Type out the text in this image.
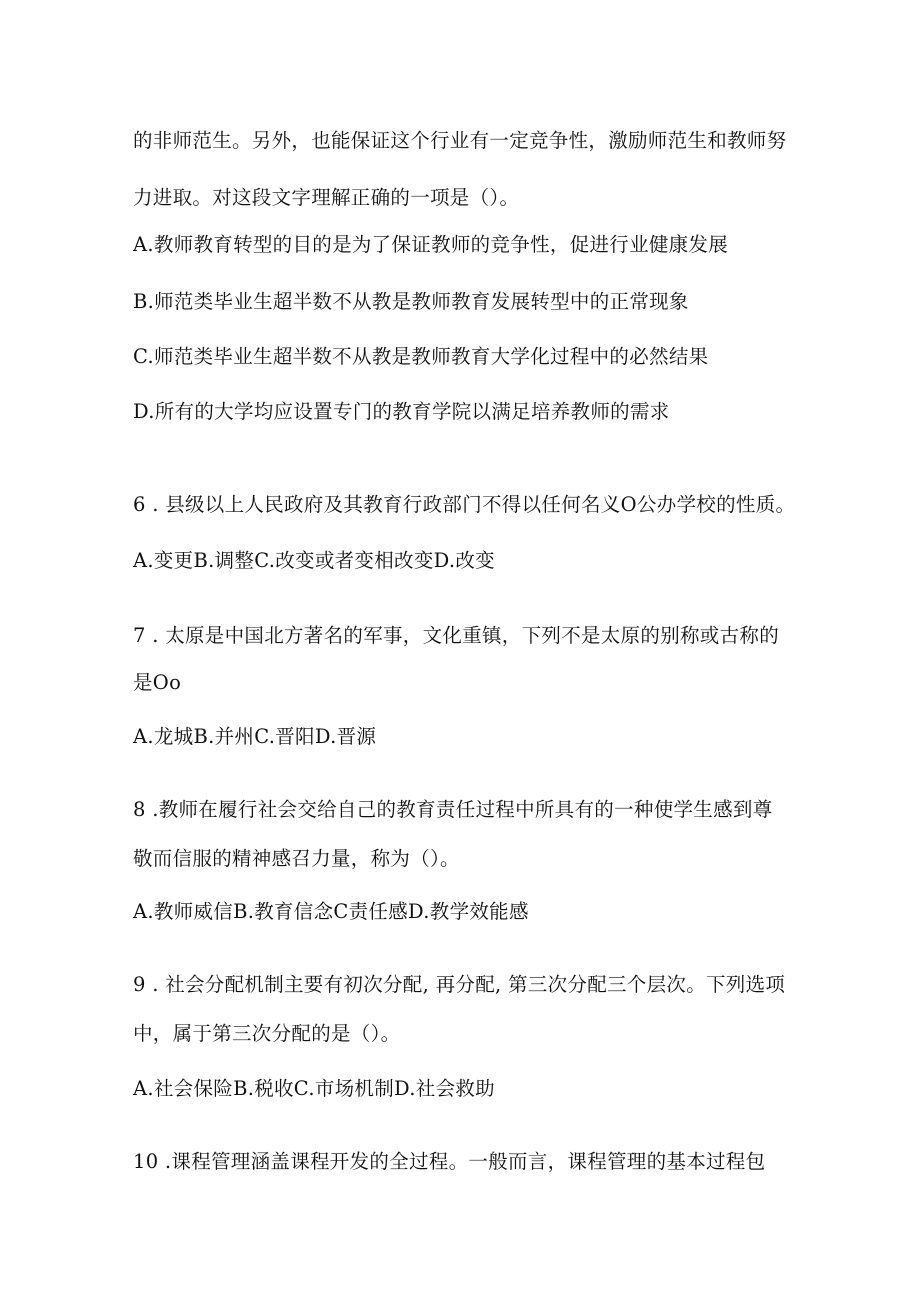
的非师范生。另外，也能保证这个行业有一定竞争性，激励师范生和教师努
力进取。对这段文字理解正确的一项是（）。
A.教师教育转型的目的是为了保证教师的竞争性，促进行业健康发展
B.师范类毕业生超半数不从教是教师教育发展转型中的正常现象
C.师范类毕业生超半数不从教是教师教育大学化过程中的必然结果
D.所有的大学均应设置专门的教育学院以满足培养教师的需求
6 . 县级以上人民政府及其教育行政部门不得以任何名义O公办学校的性质。
A.变更B.调整C.改变或者变相改变D.改变
7 . 太原是中国北方著名的军事，文化重镇，下列不是太原的别称或古称的
是Oo
A.龙城B.并州C.晋阳D.晋源
8 .教师在履行社会交给自己的教育责任过程中所具有的一种使学生感到尊
敬而信服的精神感召力量，称为（）。
A.教师威信B.教育信念C责任感D.教学效能感
9 . 社会分配机制主要有初次分配, 再分配, 第三次分配三个层次。下列选项
中，属于第三次分配的是（）。
A.社会保险B.税收C.市场机制D.社会救助
10 .课程管理涵盖课程开发的全过程。一般而言，课程管理的基本过程包
